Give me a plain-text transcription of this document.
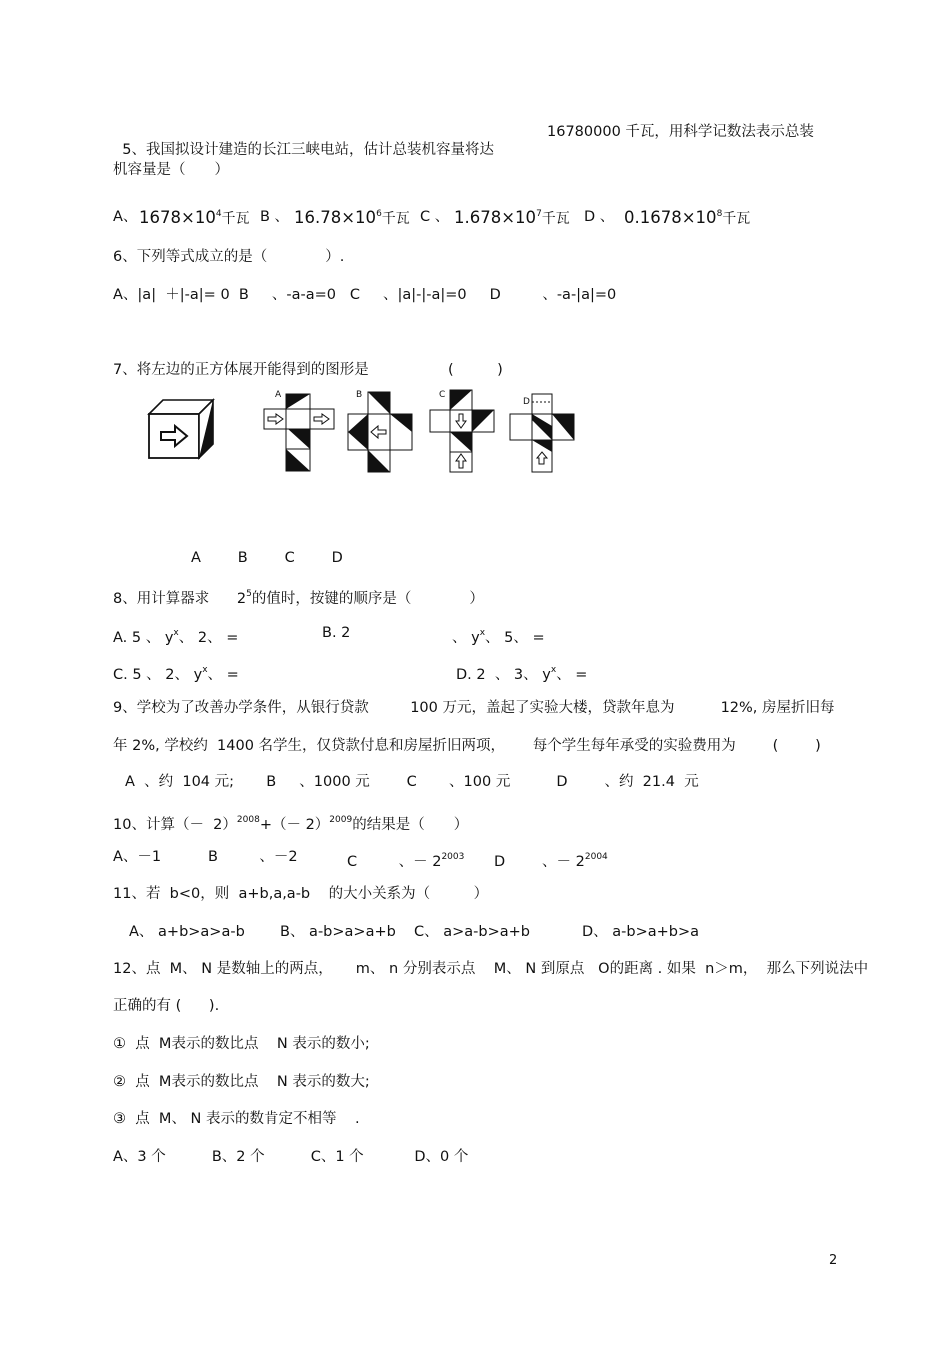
5、我国拟设计建造的长江三峡电站，估计总装机容量将达

16780000 千瓦，用科学记数法表示总装
机容量是（　　）
A、 $1678\times 10^4$千瓦 B 、 $16.78\times 10^6$千瓦 C 、 $1.678\times 10^7$千瓦 D 、 $0.1678\times 10^8$千瓦
6、下列等式成立的是（　　　　）.
A、|a|  ＋|-a|= 0  B     、-a-a=0   C     、|a|-|-a|=0     D         、-a-|a|=0
7、将左边的正方体展开能得到的图形是	(　　　)
A	B	C
D
A        B        C        D
8、用计算器求 $2^5$的值时，按键的顺序是（　　　　）
A. 5 、 $y^x$、 2、 =	B. 2	、 $y^x$、 5、 =
C. 5 、 2、 $y^x$、 =	D. 2  、 3、 $y^x$、 =
9、学校为了改善办学条件，从银行贷款         100 万元，盖起了实验大楼，贷款年息为          12%, 房屋折旧每
年 2%, 学校约  1400 名学生，仅贷款付息和房屋折旧两项，      每个学生每年承受的实验费用为        (        )
A  、约  104 元;       B     、1000 元        C       、100 元          D        、约  21.4  元
10、计算（－  $2)^{2008}+(- 2)^{2009}$的结果是（　　）
A、－1	B         、－2	C         、－ $2^{2003}$ D        、－ $2^{2004}$
11、若  b<0，则  a+b,a,a-b    的大小关系为（　　　）
A、 a+b>a>a-b B、 a-b>a>a+b C、 a>a-b>a+b	D、 a-b>a+b>a
12、点  M、 N 是数轴上的两点，     m、 n 分别表示点    M、 N 到原点   O的距离 . 如果  n＞m，  那么下列说法中
正确的有 (      ).
①  点  M表示的数比点    N 表示的数小;
②  点  M表示的数比点    N 表示的数大;
③  点  M、 N 表示的数肯定不相等    .
A、3 个          B、2 个          C、1 个           D、0 个
2
